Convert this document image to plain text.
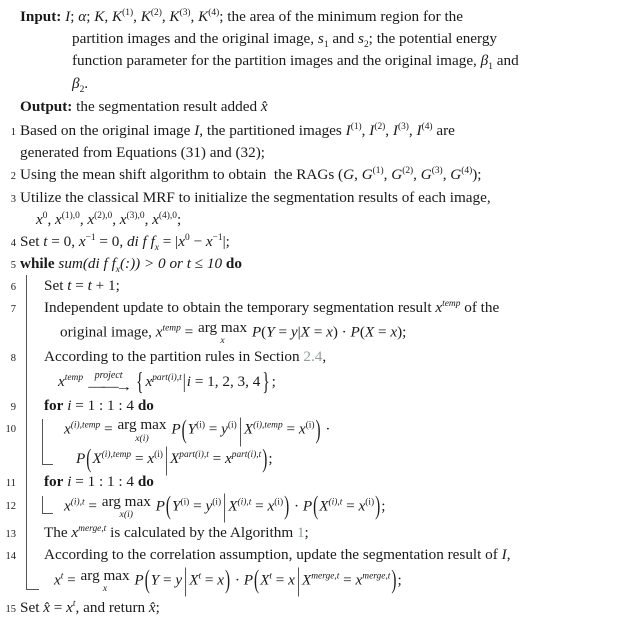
Input: I; α; K, $K^{(1)}$, $K^{(2)}$, $K^{(3)}$, $K^{(4)}$; the area of the minimum region for the
partition images and the original image, $s_1$ and $s_2$; the potential energy
function parameter for the partition images and the original image, $\beta_1$ and
$\beta_2$.
Output: the segmentation result added x̂
1 Based on the original image I, the partitioned images $I^{(1)}$, $I^{(2)}$, $I^{(3)}$, $I^{(4)}$ are
generated from Equations (31) and (32);
2 Using the mean shift algorithm to obtain  the RAGs (G, $G^{(1)}$, $G^{(2)}$, $G^{(3)}$, $G^{(4)}$);
3 Utilize the classical MRF to initialize the segmentation results of each image,
$x^0$, $x^{(1),0}$, $x^{(2),0}$, $x^{(3),0}$, $x^{(4),0}$;
4 Set t = 0, $x^{-1} = 0$, di f $f_x = |x^0 - x^{-1}|$;
5 while sum(di f $f_x(:)) > 0$ or t ≤ 10 do
6 Set t = t + 1;
7 Independent update to obtain the temporary segmentation result $x^{temp}$ of the
original image, $x^{temp}$ = arg max
x
P(Y = y|X = x) · P(X = x);
8 According to the partition rules in Section 2.4,
$x^{temp}$ project
——→ { $x^{part(i),t}|i = 1$, 2, 3, 4 } ;
9 for i = 1 : 1 : 4 do
10	$x^{(i),temp}$ = arg max
x(i)
$P(Y^{(i)} = y^{(i)}$ | $X^{(i),temp} = x^{(i)}$) ·
$P(X^{(i),temp} = x^{(i)}$ | $X^{part(i),t} = x^{part(i),t}$);
11 for i = 1 : 1 : 4 do
12	$x^{(i),t}$ = arg max
x(i)
$P(Y^{(i)} = y^{(i)}$ | $X^{(i),t} = x^{(i)}) \cdot P(X^{(i),t} = x^{(i)})$;
13 The $x^{merge,t}$ is calculated by the Algorithm 1;
14 According to the correlation assumption, update the segmentation result of I,
$x^t$ = arg max
x
P(Y = y | $X^t = x) \cdot P(X^t = x$ | $X^{merge,t} = x^{merge,t}$);
15 Set x̂ = $x^t$, and return x̂;
